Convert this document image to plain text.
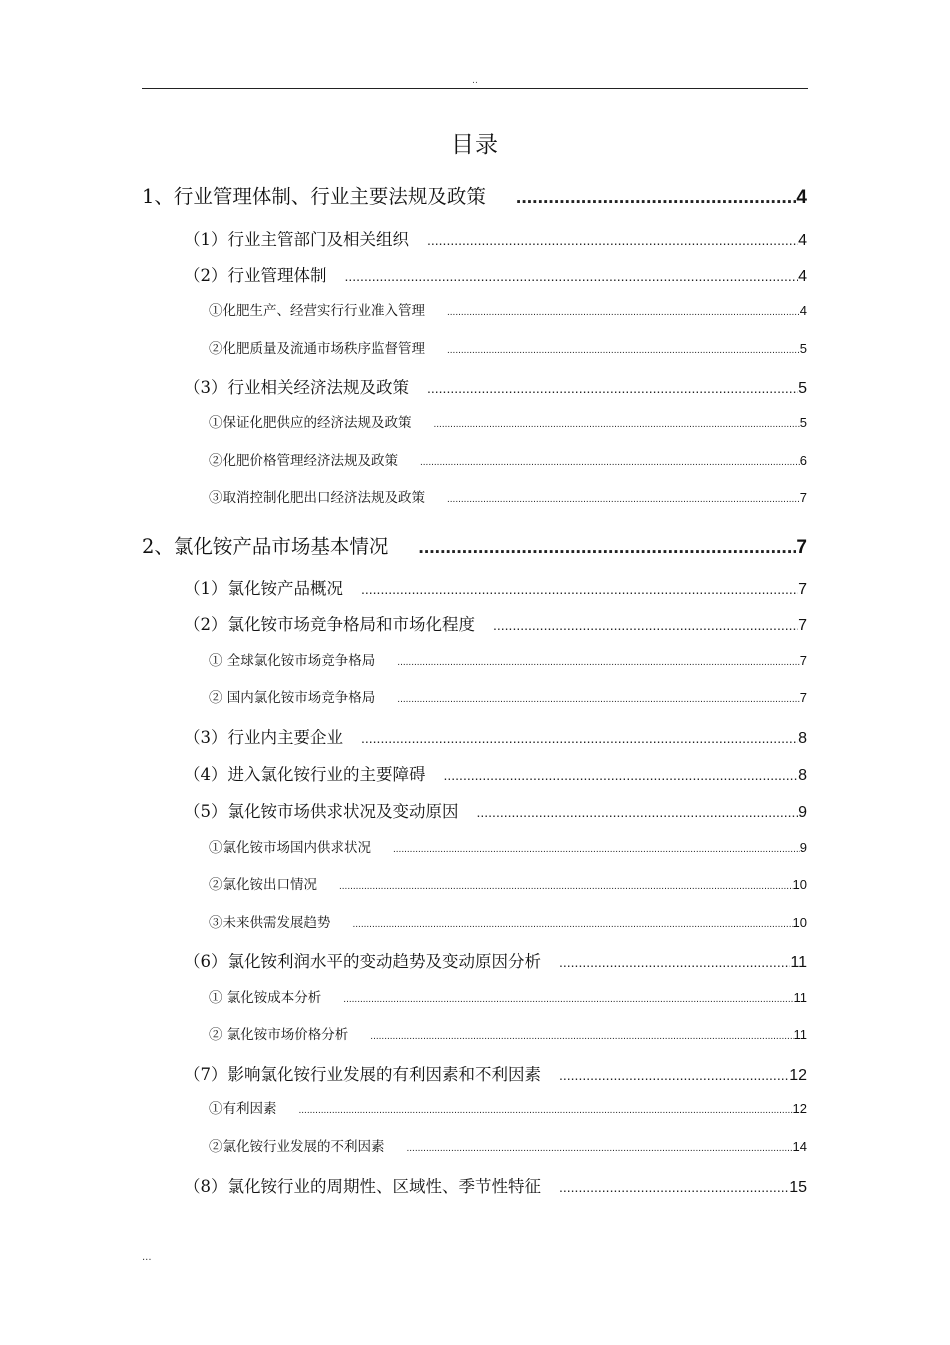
..
目录
1、行业管理体制、行业主要法规及政策 .....	4
（1）行业主管部门及相关组织 .....	4
（2）行业管理体制 .....	4
①化肥生产、经营实行行业准入管理 .....	4
②化肥质量及流通市场秩序监督管理 .....	5
（3）行业相关经济法规及政策 .....	5
①保证化肥供应的经济法规及政策 .....	5
②化肥价格管理经济法规及政策 .....	6
③取消控制化肥出口经济法规及政策 .....	7
2、氯化铵产品市场基本情况 .....	7
（1）氯化铵产品概况 .....	7
（2）氯化铵市场竞争格局和市场化程度 .....	7
① 全球氯化铵市场竞争格局 .....	7
② 国内氯化铵市场竞争格局 .....	7
（3）行业内主要企业 .....	8
（4）进入氯化铵行业的主要障碍 .....	8
（5）氯化铵市场供求状况及变动原因 .....	9
①氯化铵市场国内供求状况 .....	9
②氯化铵出口情况 .....	10
③未来供需发展趋势 .....	10
（6）氯化铵利润水平的变动趋势及变动原因分析 .....	11
① 氯化铵成本分析 .....	11
② 氯化铵市场价格分析 .....	11
（7）影响氯化铵行业发展的有利因素和不利因素 .....	12
①有利因素 .....	12
②氯化铵行业发展的不利因素 .....	14
（8）氯化铵行业的周期性、区域性、季节性特征 .....	15
...
